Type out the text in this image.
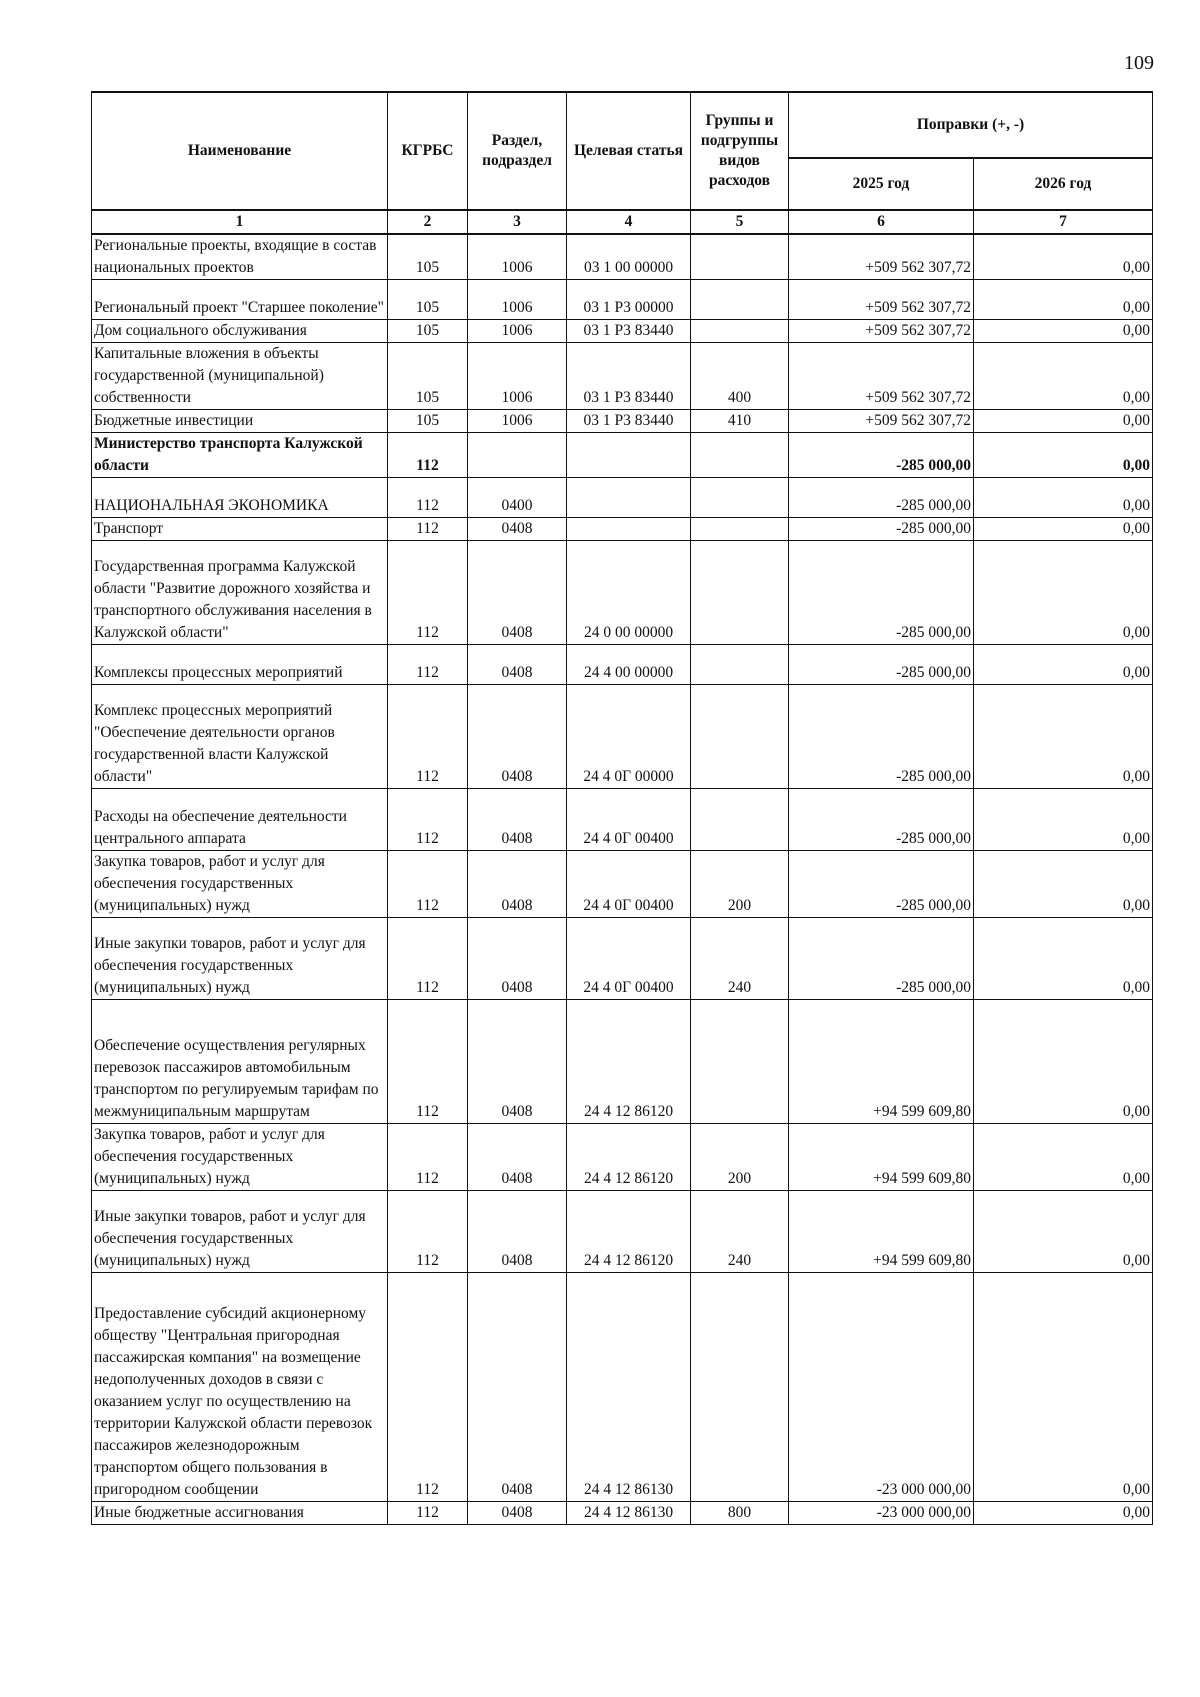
109
Наименование	КГРБС	Раздел, подраздел	Целевая статья	Группы и подгруппы видов расходов	Поправки (+, -)	
					2025 год	2026 год
1	2	3	4	5	6	7
Региональные проекты, входящие в состав национальных проектов	105	1006	03 1 00 00000		+509 562 307,72	0,00
Региональный проект "Старшее поколение"	105	1006	03 1 Р3 00000		+509 562 307,72	0,00
Дом социального обслуживания	105	1006	03 1 Р3 83440		+509 562 307,72	0,00
Капитальные вложения в объекты государственной (муниципальной) собственности	105	1006	03 1 Р3 83440	400	+509 562 307,72	0,00
Бюджетные инвестиции	105	1006	03 1 Р3 83440	410	+509 562 307,72	0,00
Министерство транспорта Калужской области	112				-285 000,00	0,00
НАЦИОНАЛЬНАЯ ЭКОНОМИКА	112	0400			-285 000,00	0,00
Транспорт	112	0408			-285 000,00	0,00
Государственная программа Калужской области "Развитие дорожного хозяйства и транспортного обслуживания населения в Калужской области"	112	0408	24 0 00 00000		-285 000,00	0,00
Комплексы процессных мероприятий	112	0408	24 4 00 00000		-285 000,00	0,00
Комплекс процессных мероприятий "Обеспечение деятельности органов государственной власти Калужской области"	112	0408	24 4 0Г 00000		-285 000,00	0,00
Расходы на обеспечение деятельности центрального аппарата	112	0408	24 4 0Г 00400		-285 000,00	0,00
Закупка товаров, работ и услуг для обеспечения государственных (муниципальных) нужд	112	0408	24 4 0Г 00400	200	-285 000,00	0,00
Иные закупки товаров, работ и услуг для обеспечения государственных (муниципальных) нужд	112	0408	24 4 0Г 00400	240	-285 000,00	0,00
Обеспечение осуществления регулярных перевозок пассажиров автомобильным транспортом по регулируемым тарифам по межмуниципальным маршрутам	112	0408	24 4 12 86120		+94 599 609,80	0,00
Закупка товаров, работ и услуг для обеспечения государственных (муниципальных) нужд	112	0408	24 4 12 86120	200	+94 599 609,80	0,00
Иные закупки товаров, работ и услуг для обеспечения государственных (муниципальных) нужд	112	0408	24 4 12 86120	240	+94 599 609,80	0,00
Предоставление субсидий акционерному обществу "Центральная пригородная пассажирская компания" на возмещение недополученных доходов в связи с оказанием услуг по осуществлению на территории Калужской области перевозок пассажиров железнодорожным транспортом общего пользования в пригородном сообщении	112	0408	24 4 12 86130		-23 000 000,00	0,00
Иные бюджетные ассигнования	112	0408	24 4 12 86130	800	-23 000 000,00	0,00
